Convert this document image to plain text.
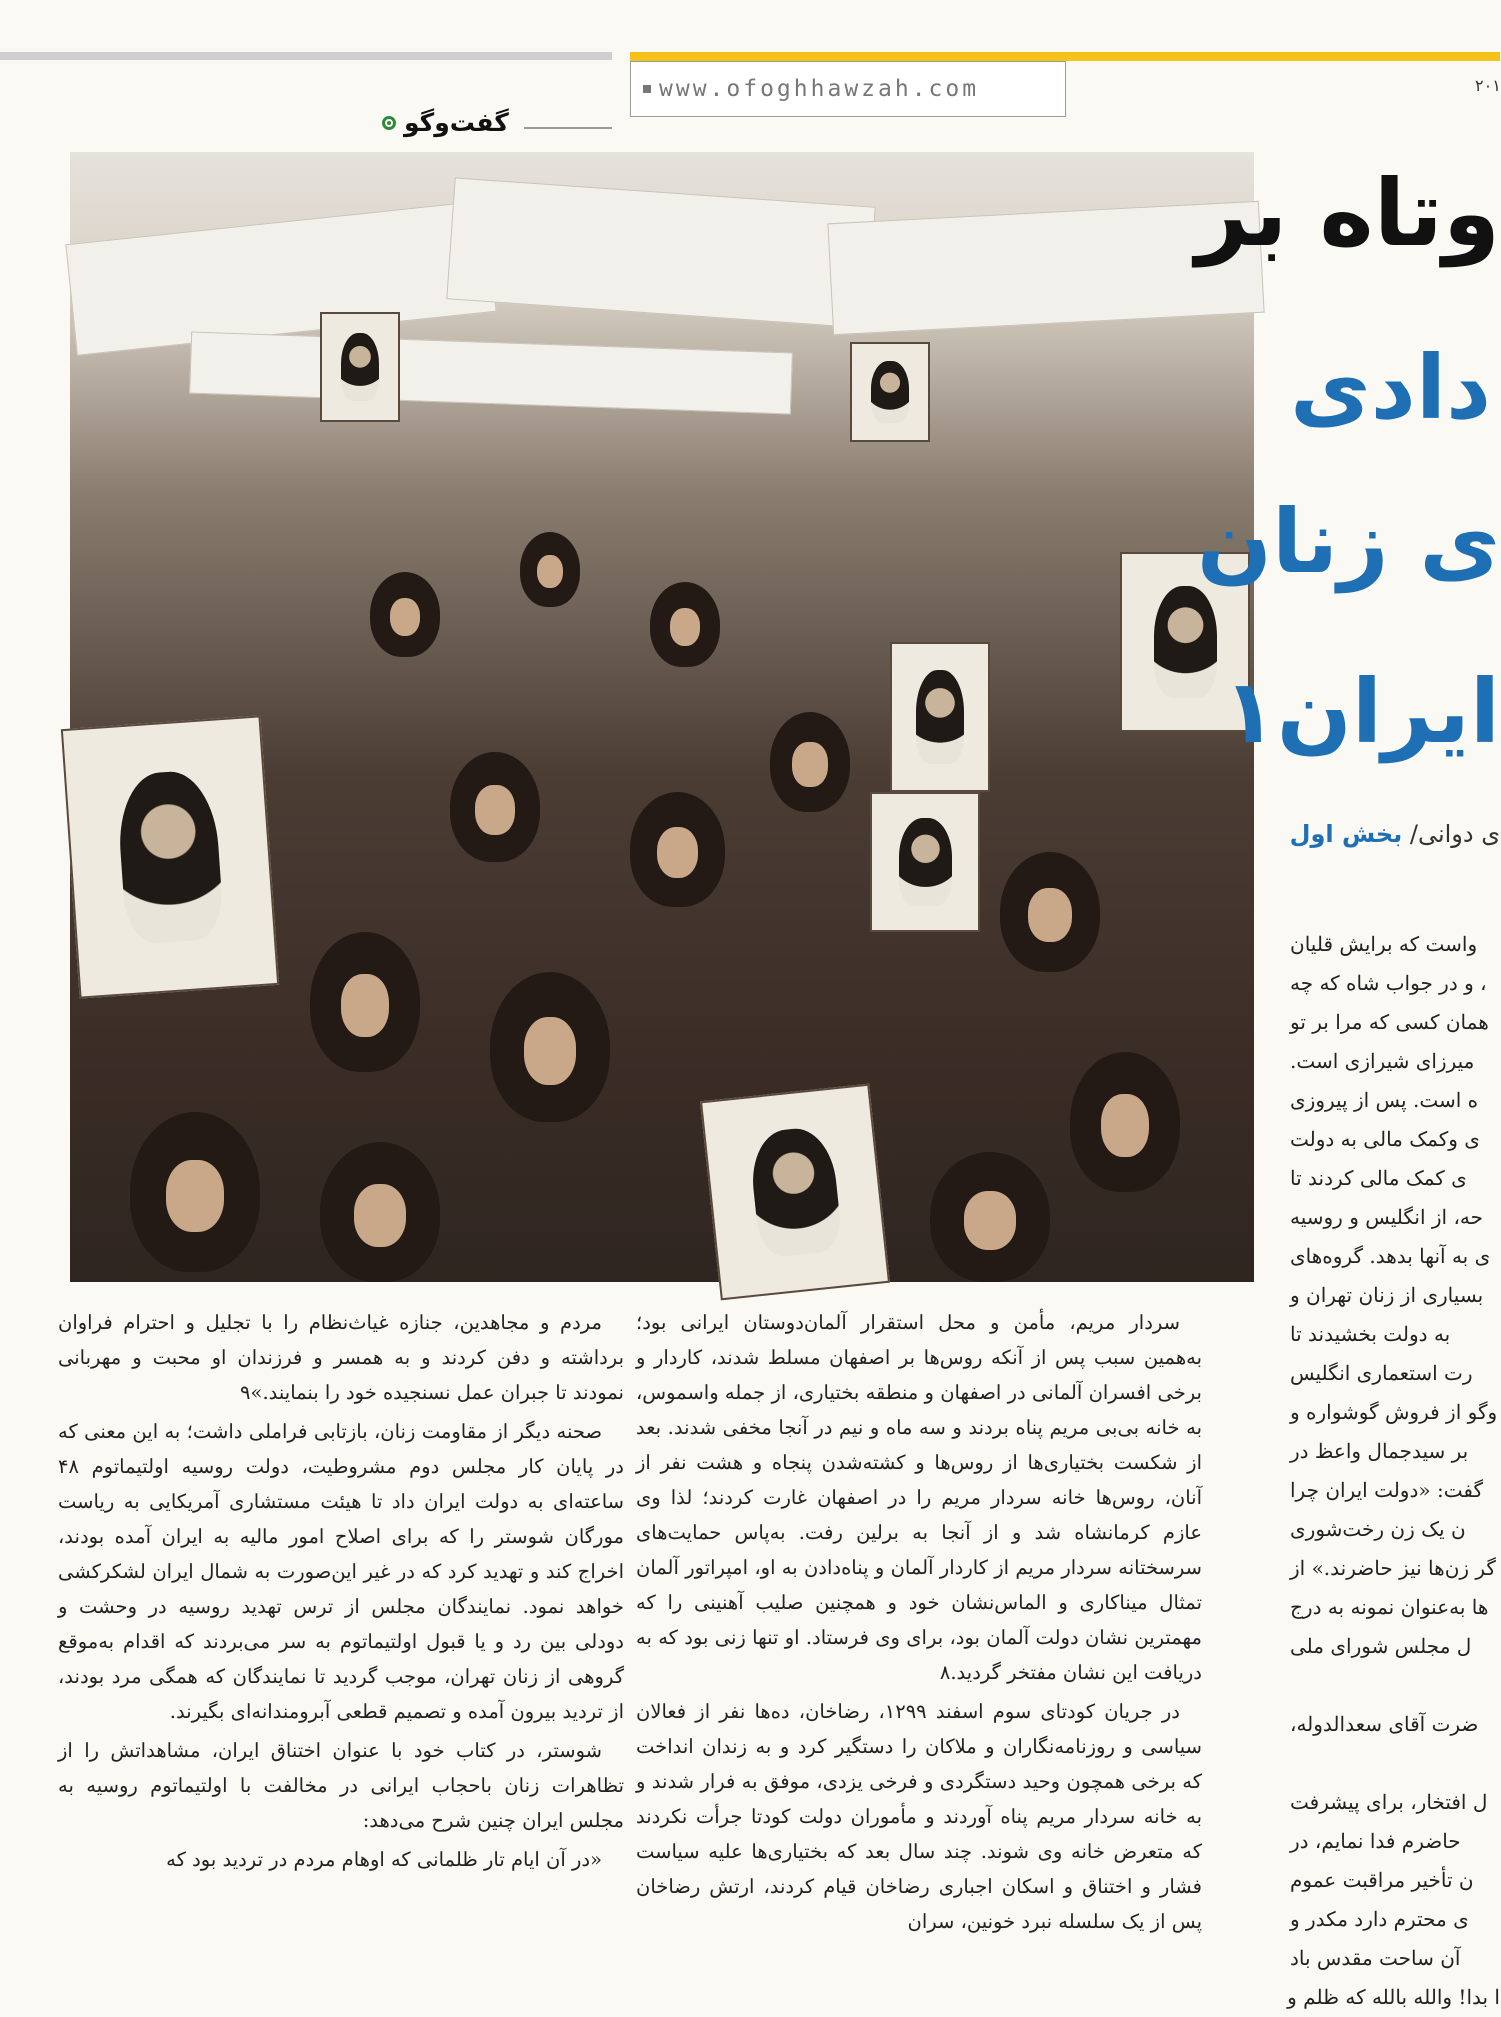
www.ofoghhawzah.com	۲۰۱
گفت‌وگو
وتاه بر
دادی
ی زنان
ایران۱
ی دوانی/ بخش اول

واست که برایش قلیان

، و در جواب شاه که چه

همان کسی که مرا بر تو

میرزای شیرازی است.

ه است. پس از پیروزی

ی وکمک مالی به دولت

ی کمک مالی کردند تا

حه، از انگلیس و روسیه

ی به آنها بدهد. گروه‌های

بسیاری از زنان تهران و

به دولت بخشیدند تا

رت استعماری انگلیس

وگو از فروش گوشواره و

بر سیدجمال واعظ در

گفت: «دولت ایران چرا

ن یک زن رخت‌شوری

گر زن‌ها نیز حاضرند.» از

ها به‌عنوان نمونه به درج

ل مجلس شورای ملی

ضرت آقای سعدالدوله،

ل افتخار، برای پیشرفت

حاضرم فدا نمایم، در

ن تأخیر مراقبت عموم

ی محترم دارد مکدر و

آن ساحت مقدس باد

ا بدا! والله بالله که ظلم و

سردار مریم، مأمن و محل استقرار آلمان‌دوستان ایرانی بود؛ به‌همین سبب پس از آنکه روس‌ها بر اصفهان مسلط شدند، کاردار و برخی افسران آلمانی در اصفهان و منطقه بختیاری، از جمله واسموس، به خانه بی‌بی مریم پناه بردند و سه ماه و نیم در آنجا مخفی شدند. بعد از شکست بختیاری‌ها از روس‌ها و کشته‌شدن پنجاه و هشت نفر از آنان، روس‌ها خانه سردار مریم را در اصفهان غارت کردند؛ لذا وی عازم کرمانشاه شد و از آنجا به برلین رفت. به‌پاس حمایت‌های سرسختانه سردار مریم از کاردار آلمان و پناه‌دادن به او، امپراتور آلمان تمثال میناکاری و الماس‌نشان خود و همچنین صلیب آهنینی را که مهمترین نشان دولت آلمان بود، برای وی فرستاد. او تنها زنی بود که به دریافت این نشان مفتخر گردید.۸

در جریان کودتای سوم اسفند ۱۲۹۹، رضاخان، ده‌ها نفر از فعالان سیاسی و روزنامه‌نگاران و ملاکان را دستگیر کرد و به زندان انداخت که برخی همچون وحید دستگردی و فرخی یزدی، موفق به فرار شدند و به خانه سردار مریم پناه آوردند و مأموران دولت کودتا جرأت نکردند که متعرض خانه وی شوند. چند سال بعد که بختیاری‌ها علیه سیاست فشار و اختناق و اسکان اجباری رضاخان قیام کردند، ارتش رضاخان پس از یک سلسله نبرد خونین، سران

مردم و مجاهدین، جنازه غیاث‌نظام را با تجلیل و احترام فراوان برداشته و دفن کردند و به همسر و فرزندان او محبت و مهربانی نمودند تا جبران عمل نسنجیده خود را بنمایند.»۹

صحنه دیگر از مقاومت زنان، بازتابی فراملی داشت؛ به این معنی که در پایان کار مجلس دوم مشروطیت، دولت روسیه اولتیماتوم ۴۸ ساعته‌ای به دولت ایران داد تا هیئت مستشاری آمریکایی به ریاست مورگان شوستر را که برای اصلاح امور مالیه به ایران آمده بودند، اخراج کند و تهدید کرد که در غیر این‌صورت به شمال ایران لشکرکشی خواهد نمود. نمایندگان مجلس از ترس تهدید روسیه در وحشت و دودلی بین رد و یا قبول اولتیماتوم به سر می‌بردند که اقدام به‌موقع گروهی از زنان تهران، موجب گردید تا نمایندگان که همگی مرد بودند، از تردید بیرون آمده و تصمیم قطعی آبرومندانه‌ای بگیرند.

شوستر، در کتاب خود با عنوان اختناق ایران، مشاهداتش را از تظاهرات زنان باحجاب ایرانی در مخالفت با اولتیماتوم روسیه به مجلس ایران چنین شرح می‌دهد:

«در آن ایام تار ظلمانی که اوهام مردم در تردید بود که
